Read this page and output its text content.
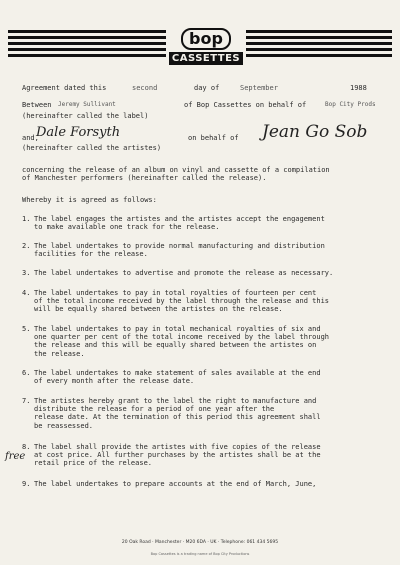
bop
CASSETTES
Agreement dated this	second	day of	September	1988
Between Jeremy Sullivant	of Bop Cassettes on behalf of	Bop City Prods
(hereinafter called the label)
and,
Dale Forsyth	on behalf of Jean Go Sob
(hereinafter called the artistes)
concerning the release of an album on vinyl and cassette of a compilation
of Manchester performers (hereinafter called the release).
Whereby it is agreed as follows:
1. The label engages the artistes and the artistes accept the engagement
to make available one track for the release.
2. The label undertakes to provide normal manufacturing and distribution
facilities for the release.
3. The label undertakes to advertise and promote the release as necessary.
4. The label undertakes to pay in total royalties of fourteen per cent
of the total income received by the label through the release and this
will be equally shared between the artistes on the release.
5. The label undertakes to pay in total mechanical royalties of six and
one quarter per cent of the total income received by the label through
the release and this will be equally shared between the artistes on
the release.
6. The label undertakes to make statement of sales available at the end
of every month after the release date.
7. The artistes hereby grant to the label the right to manufacture and
distribute the release for a period of one year after the
release date. At the termination of this period this agreement shall
be reassessed.
8. The label shall provide the artistes with five copies of the release
at cost price. All further purchases by the artistes shall be at the
retail price of the release.
free
9. The label undertakes to prepare accounts at the end of March, June,
20 Oak Road · Manchester · M20 6DA · UK · Telephone: 061 434 5695
Bop Cassettes is a trading name of Bop City Productions
